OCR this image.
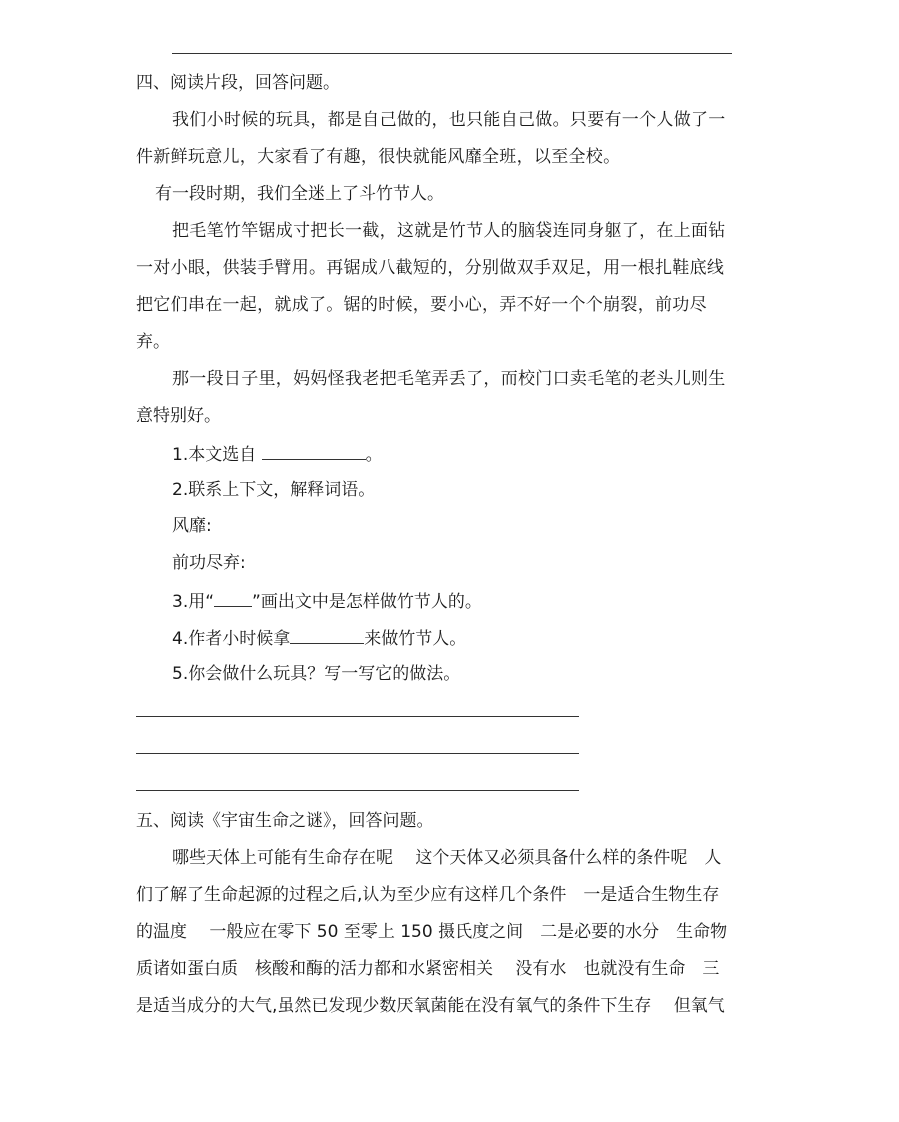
四、阅读片段，回答问题。
我们小时候的玩具，都是自己做的，也只能自己做。只要有一个人做了一
件新鲜玩意儿，大家看了有趣，很快就能风靡全班，以至全校。
有一段时期，我们全迷上了斗竹节人。
把毛笔竹竿锯成寸把长一截，这就是竹节人的脑袋连同身躯了，在上面钻
一对小眼，供装手臂用。再锯成八截短的，分别做双手双足，用一根扎鞋底线
把它们串在一起，就成了。锯的时候，要小心，弄不好一个个崩裂，前功尽
弃。
那一段日子里，妈妈怪我老把毛笔弄丢了，而校门口卖毛笔的老头儿则生
意特别好。
1.本文选自	。
2.联系上下文，解释词语。
风靡:
前功尽弃:
3.用“ ”画出文中是怎样做竹节人的。
4.作者小时候拿	来做竹节人。
5.你会做什么玩具？写一写它的做法。
五、阅读《宇宙生命之谜》，回答问题。
哪些天体上可能有生命存在呢　 这个天体又必须具备什么样的条件呢　人
们了解了生命起源的过程之后,认为至少应有这样几个条件　一是适合生物生存
的温度　 一般应在零下 50 至零上 150 摄氏度之间　二是必要的水分　生命物
质诸如蛋白质　核酸和酶的活力都和水紧密相关　 没有水　也就没有生命　三
是适当成分的大气,虽然已发现少数厌氧菌能在没有氧气的条件下生存　 但氧气
